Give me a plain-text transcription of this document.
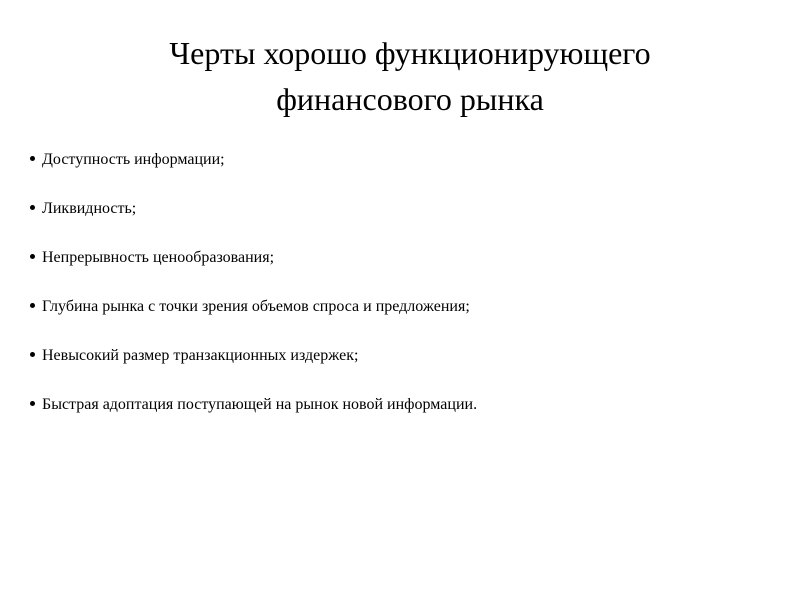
Черты хорошо функционирующего
финансового рынка
Доступность информации;
Ликвидность;
Непрерывность ценообразования;
Глубина рынка с точки зрения объемов спроса и предложения;
Невысокий размер транзакционных издержек;
Быстрая адоптация поступающей на рынок новой информации.
